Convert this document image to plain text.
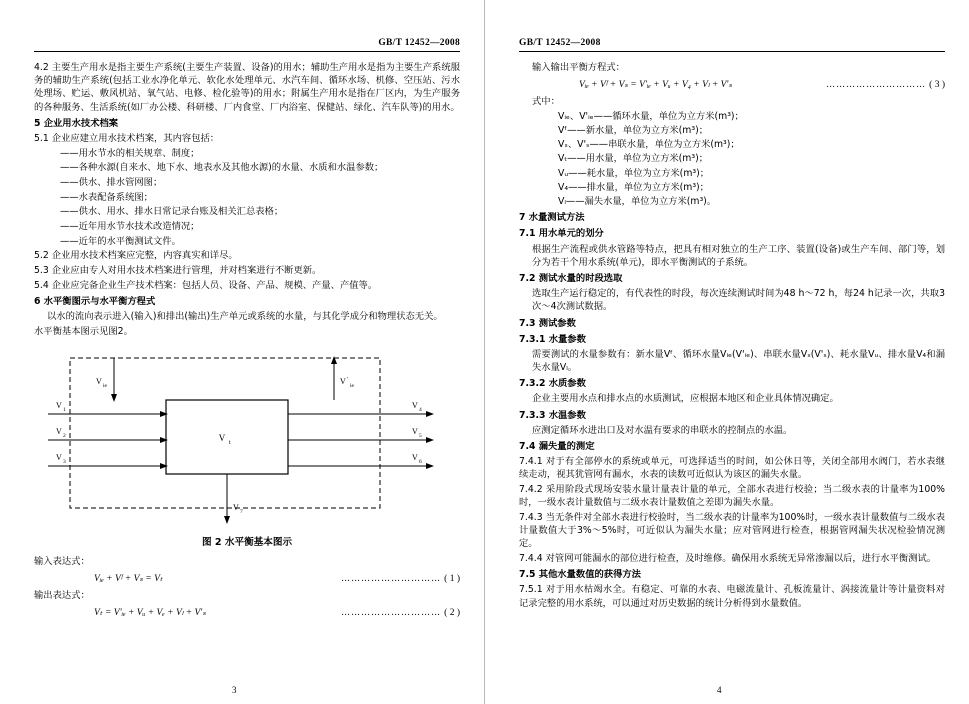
GB/T 12452—2008

4.2 主要生产用水是指主要生产系统(主要生产装置、设备)的用水；辅助生产用水是指为主要生产系统服务的辅助生产系统(包括工业水净化单元、软化水处理单元、水汽车间、循环水场、机修、空压站、污水处理场、贮运、敷风机站、氧气站、电修、检化验等)的用水；附属生产用水是指在厂区内，为生产服务的各种服务、生活系统(如厂办公楼、科研楼、厂内食堂、厂内浴室、保健站、绿化、汽车队等)的用水。

5 企业用水技术档案

5.1 企业应建立用水技术档案，其内容包括：

——用水节水的相关规章、制度；

——各种水源(自来水、地下水、地表水及其他水源)的水量、水质和水温参数；

——供水、排水管网图；

——水表配备系统图；

——供水、用水、排水日常记录台账及相关汇总表格；

——近年用水节水技术改造情况；

——近年的水平衡测试文件。

5.2 企业用水技术档案应完整，内容真实和详尽。

5.3 企业应由专人对用水技术档案进行管理，并对档案进行不断更新。

5.4 企业应完备企业生产技术档案：包括人员、设备、产品、规模、产量、产值等。

6 水平衡图示与水平衡方程式

以水的流向表示进入(输入)和排出(输出)生产单元或系统的水量，与其化学成分和物理状态无关。

水平衡基本图示见图2。

V t
V ie	V ′
ie
V 1
V 2
V 3
V 4
V 5
V 6
V 7
图 2 水平衡基本图示

输入表达式：

Vᵢₑ + Vᶠ + Vₛ = Vₜ	………………………… ( 1 )

输出表达式：

Vₜ = V'ᵢₑ + Vᵤ + Vₑ + Vₗ + V'ₛ	………………………… ( 2 )
3
GB/T 12452—2008

输入输出平衡方程式：

Vᵢₑ + Vᶠ + Vₛ = V'ᵢₑ + Vᵤ + V₄ + Vₗ + V'ₛ	………………………… ( 3 )

式中：

Vᵢₑ、V'ᵢₑ——循环水量，单位为立方米(m³)；

Vᶠ——新水量，单位为立方米(m³)；

Vₛ、V'ₛ——串联水量，单位为立方米(m³)；

Vₜ——用水量，单位为立方米(m³)；

Vᵤ——耗水量，单位为立方米(m³)；

V₄——排水量，单位为立方米(m³)；

Vₗ——漏失水量，单位为立方米(m³)。

7 水量测试方法

7.1 用水单元的划分

根据生产流程或供水管路等特点，把具有相对独立的生产工序、装置(设备)或生产车间、部门等，划分为若干个用水系统(单元)，即水平衡测试的子系统。

7.2 测试水量的时段选取

选取生产运行稳定的，有代表性的时段，每次连续测试时间为48 h～72 h，每24 h记录一次，共取3次～4次测试数据。

7.3 测试参数

7.3.1 水量参数

需要测试的水量参数有：新水量Vᶠ、循环水量Vᵢₑ(V'ᵢₑ)、串联水量Vₛ(V'ₛ)、耗水量Vᵤ、排水量V₄和漏失水量Vₗ。

7.3.2 水质参数

企业主要用水点和排水点的水质测试，应根据本地区和企业具体情况确定。

7.3.3 水温参数

应测定循环水进出口及对水温有要求的串联水的控制点的水温。

7.4 漏失量的测定

7.4.1 对于有全部停水的系统或单元，可选择适当的时间，如公休日等，关闭全部用水阀门，若水表继续走动，视其犹管网有漏水，水表的读数可近似认为该区的漏失水量。

7.4.2 采用阶段式现场安装水量计量表计量的单元，全部水表进行校验；当二级水表的计量率为100%时，一级水表计量数值与二级水表计量数值之差即为漏失水量。

7.4.3 当无条件对全部水表进行校验时，当二级水表的计量率为100%时，一级水表计量数值与二级水表计量数值大于3%～5%时，可近似认为漏失水量；应对管网进行检查，根据管网漏失状况检验情况测定。

7.4.4 对管网可能漏水的部位进行检查，及时维修。确保用水系统无异常渗漏以后，进行水平衡测试。

7.5 其他水量数值的获得方法

7.5.1 对于用水枯竭水全。有稳定、可靠的水表、电磁流量计、孔板流量计、涡接流量计等计量资料对记录完整的用水系统，可以通过对历史数据的统计分析得到水量数值。

4
